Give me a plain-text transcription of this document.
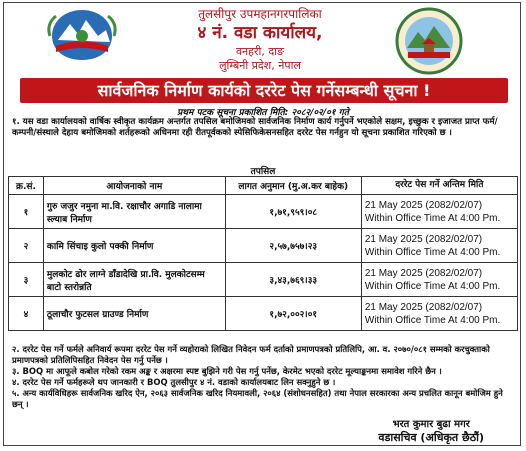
तुलसीपुर उपमहानगरपालिका
४ नं. वडा कार्यालय,
वनहरी, दाङ
लुम्बिनी प्रदेश, नेपाल
सार्वजनिक निर्माण कार्यको दररेट पेस गर्नेसम्बन्धी सूचना !
प्रथम पटक सूचना प्रकाशित मिति: २०८२/०२/०१ गते
१. यस वडा कार्यालयको वार्षिक स्वीकृत कार्यक्रम अन्तर्गत तपसिल बमोजिमको सार्वजनिक निर्माण कार्य गर्नुपर्ने भएकोले सक्षम, इच्छुक र इजाजत प्राप्त फर्म/कम्पनी/संस्थाले देहाय बमोजिमको शर्तहरूको अधिनमा रही रीतपूर्वकको स्पेसिफिकेसनसहित दररेट पेस गर्नहुन यो सूचना प्रकाशित गरिएको छ ।
तपसिल
क्र.सं.	आयोजनाको नाम	लागत अनुमान (मु.अ.कर बाहेक)	दररेट पेस गर्ने अन्तिम मिति
१	गुरु जजुर नमुना मा.वि. रक्षाचौर अगाडि नालामा स्ल्याब निर्माण	१,७१,९५९।०८	21 May 2025 (2082/02/07)
Within Office Time At 4:00 Pm.

२	कामि सिंचाइ कुलो पक्की निर्माण	२,५७,७५७।२३	21 May 2025 (2082/02/07)
Within Office Time At 4:00 Pm.

३	मुलकोट ढोर लाग्ने डाँडादेखि प्रा.वि. मुलकोटसम्म बाटो स्तरोन्नति	३,४३,७६९।३३	21 May 2025 (2082/02/07)
Within Office Time At 4:00 Pm.

४	ठूलाचौर फुटसल ग्राउण्ड निर्माण	१,७२,००२।०१	21 May 2025 (2082/02/07)
Within Office Time At 4:00 Pm.

२. दररेट पेस गर्ने फर्मले अनिवार्य रूपमा दररेट पेस गर्ने व्यहोराको लिखित निवेदन फर्म दर्ताको प्रमाणपत्रको प्रतिलिपि, आ. व. २०७०/०८१ सम्मको करचुक्ताको प्रमाणपत्रको प्रतिलिपिसहित निवेदन पेस गर्नु पर्नेछ ।

३. BOQ मा आफूले कबोल गरेको रकम अङ्क र अक्षरमा स्पष्ट बुझिने गरी पेस गर्नु पर्नेछ, केरमेट भएको दररेट मूल्याङ्कनमा समावेश गरिने छैन ।

४. दररेट पेस गर्ने फर्महरूले थप जानकारी र BOQ तुलसीपुर ४ नं. वडाको कार्यालयबाट लिन सक्नुहुने छ ।

५. अन्य कार्यविधिहरू सार्वजनिक खरिद ऐन, २०६३ सार्वजनिक खरिद नियमावली, २०६४ (संशोधनसहित) तथा नेपाल सरकारका अन्य प्रचलित कानून बमोजिम हुने छन् ।

भरत कुमार बुढा मगर
वडासचिव (अधिकृत छैठौं)
